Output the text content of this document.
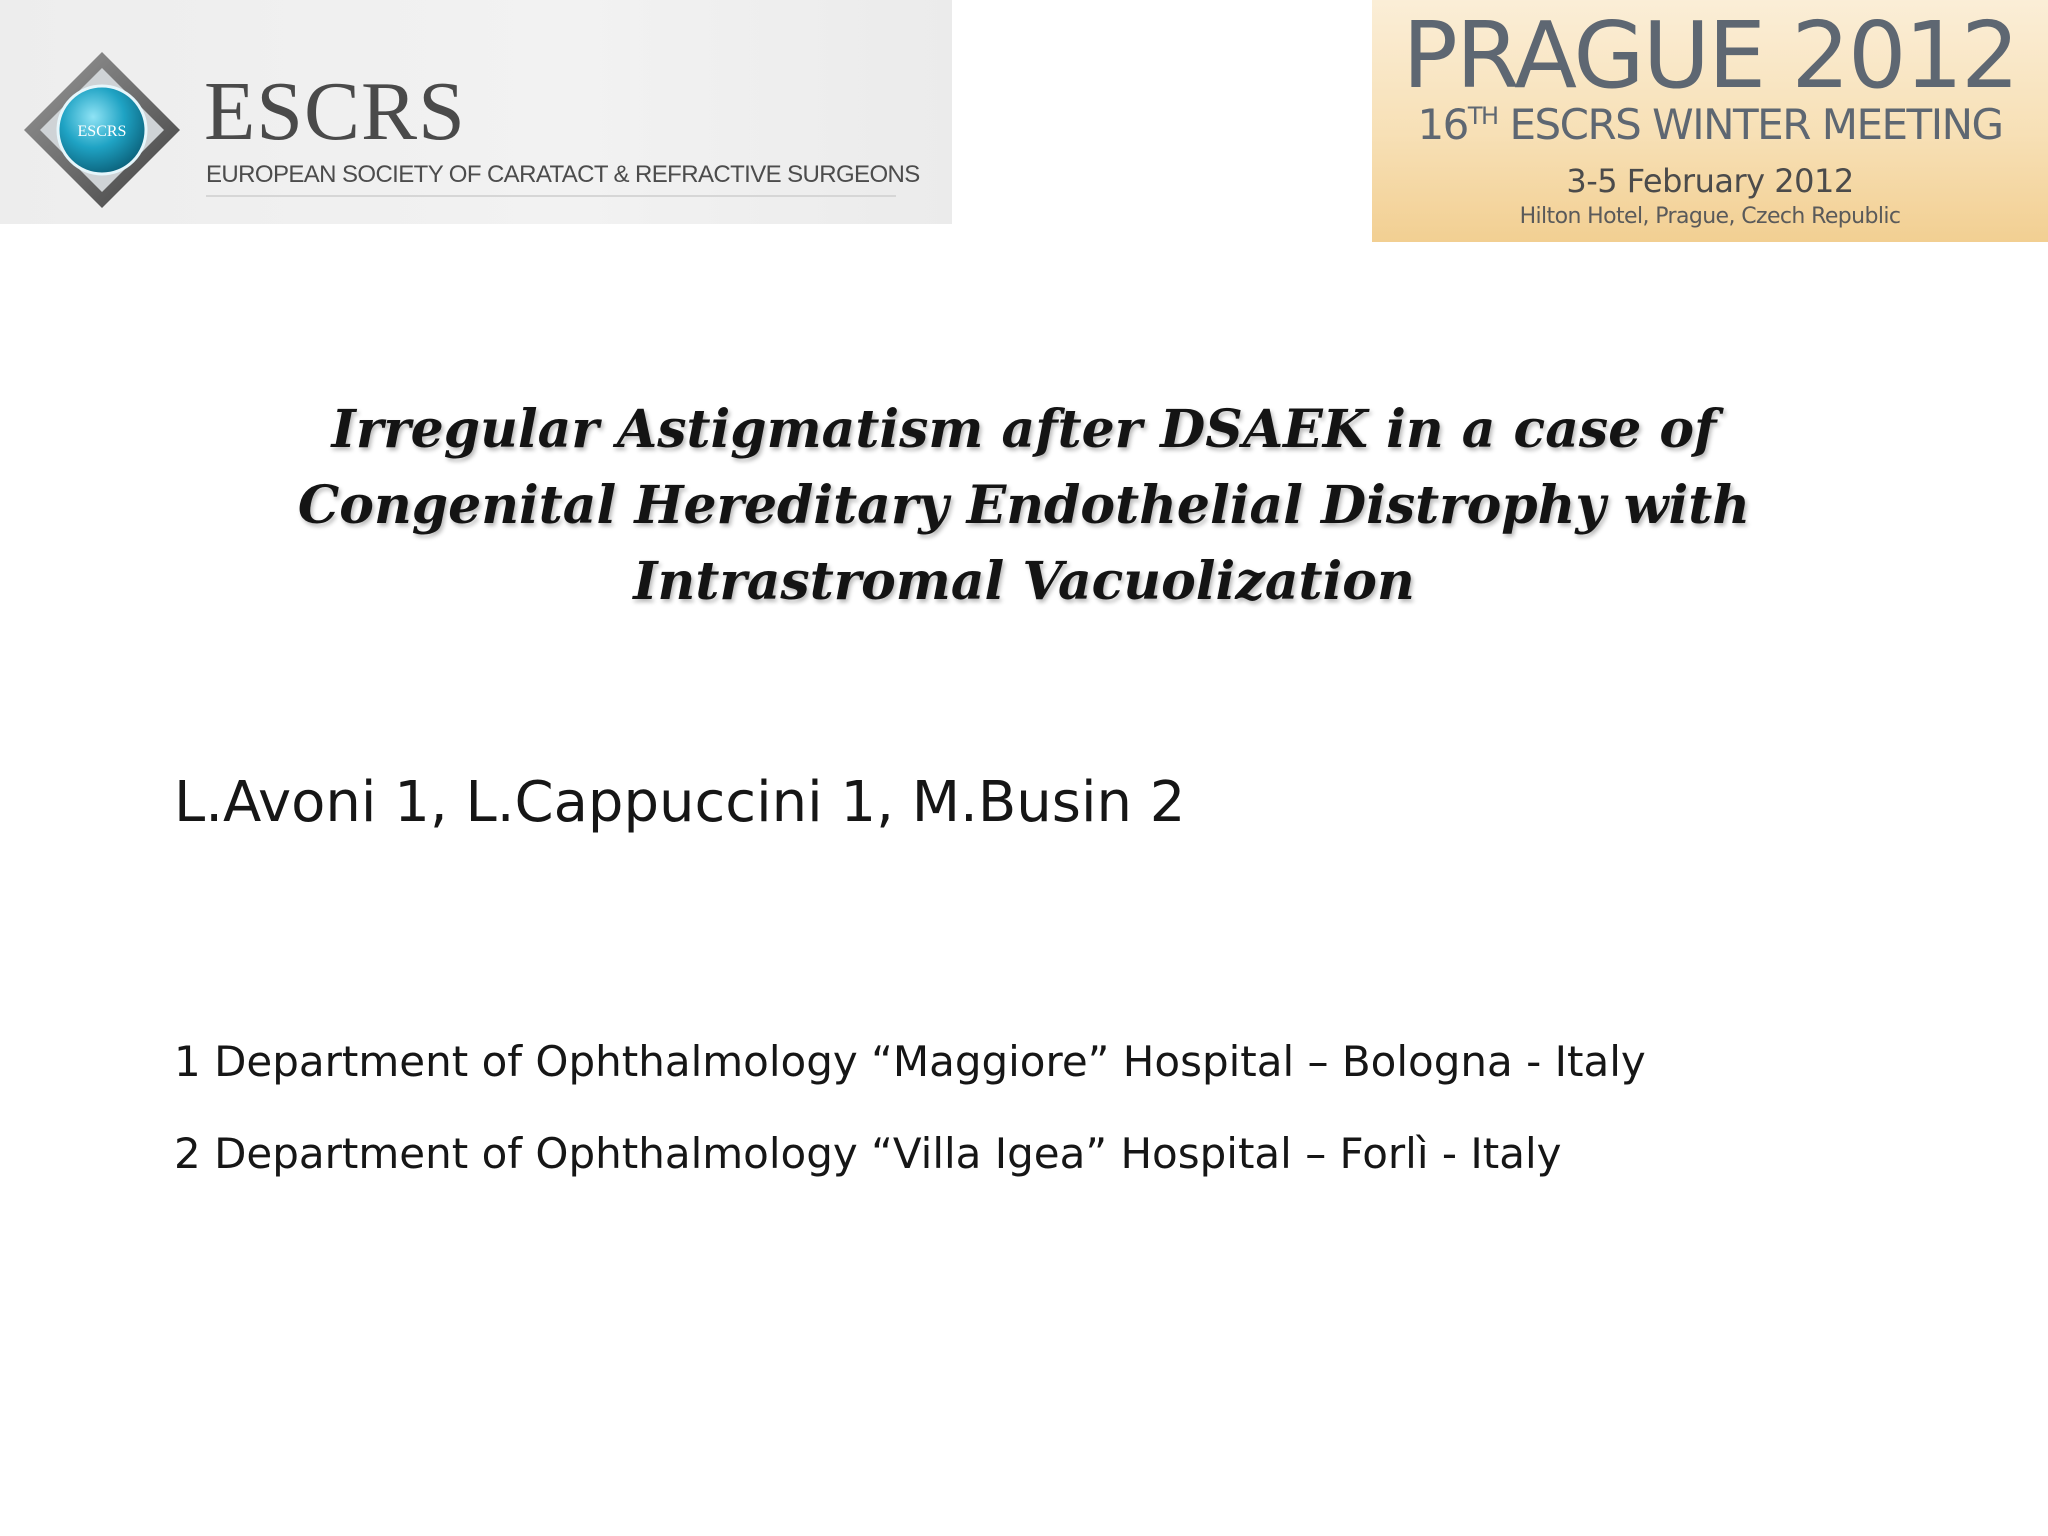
ESCRS ESCRS
EUROPEAN SOCIETY OF CARATACT & REFRACTIVE SURGEONS
PRAGUE 2012
16TH ESCRS WINTER MEETING
3-5 February 2012
Hilton Hotel, Prague, Czech Republic
Irregular Astigmatism after DSAEK in a case of
Congenital Hereditary Endothelial Distrophy with
Intrastromal Vacuolization

L.Avoni 1, L.Cappuccini 1, M.Busin 2

1 Department of Ophthalmology “Maggiore” Hospital – Bologna - Italy

2 Department of Ophthalmology “Villa Igea” Hospital – Forlì - Italy
